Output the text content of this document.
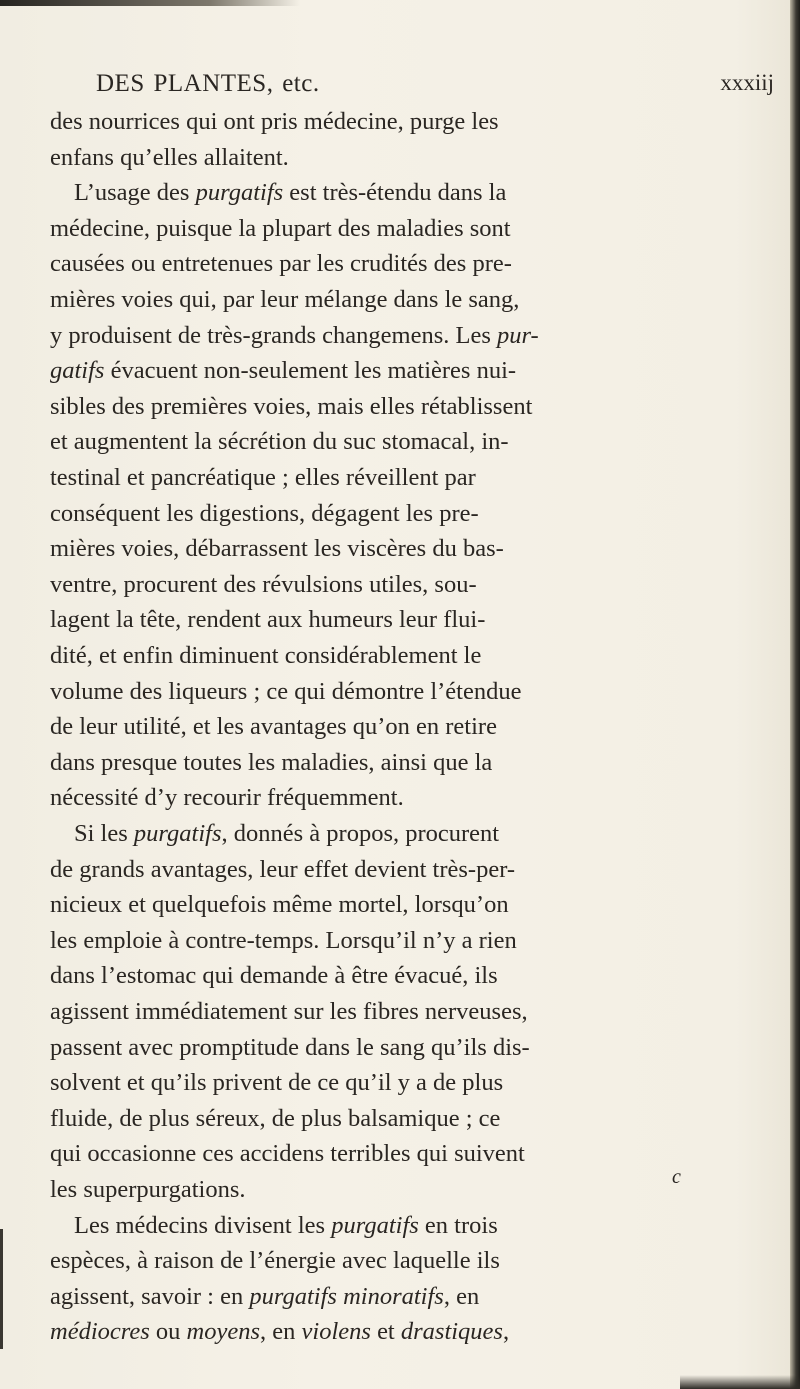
DES PLANTES, etc.	xxxiij
des nourrices qui ont pris médecine, purge les
enfans qu’elles allaitent.
L’usage des purgatifs est très-étendu dans la
médecine, puisque la plupart des maladies sont
causées ou entretenues par les crudités des pre-
mières voies qui, par leur mélange dans le sang,
y produisent de très-grands changemens. Les pur-
gatifs évacuent non-seulement les matières nui-
sibles des premières voies, mais elles rétablissent
et augmentent la sécrétion du suc stomacal, in-
testinal et pancréatique ; elles réveillent par
conséquent les digestions, dégagent les pre-
mières voies, débarrassent les viscères du bas-
ventre, procurent des révulsions utiles, sou-
lagent la tête, rendent aux humeurs leur flui-
dité, et enfin diminuent considérablement le
volume des liqueurs ; ce qui démontre l’étendue
de leur utilité, et les avantages qu’on en retire
dans presque toutes les maladies, ainsi que la
nécessité d’y recourir fréquemment.
Si les purgatifs, donnés à propos, procurent
de grands avantages, leur effet devient très-per-
nicieux et quelquefois même mortel, lorsqu’on
les emploie à contre-temps. Lorsqu’il n’y a rien
dans l’estomac qui demande à être évacué, ils
agissent immédiatement sur les fibres nerveuses,
passent avec promptitude dans le sang qu’ils dis-
solvent et qu’ils privent de ce qu’il y a de plus
fluide, de plus séreux, de plus balsamique ; ce
qui occasionne ces accidens terribles qui suivent
les superpurgations.
Les médecins divisent les purgatifs en trois
espèces, à raison de l’énergie avec laquelle ils
agissent, savoir : en purgatifs minoratifs, en
médiocres ou moyens, en violens et drastiques,
c
